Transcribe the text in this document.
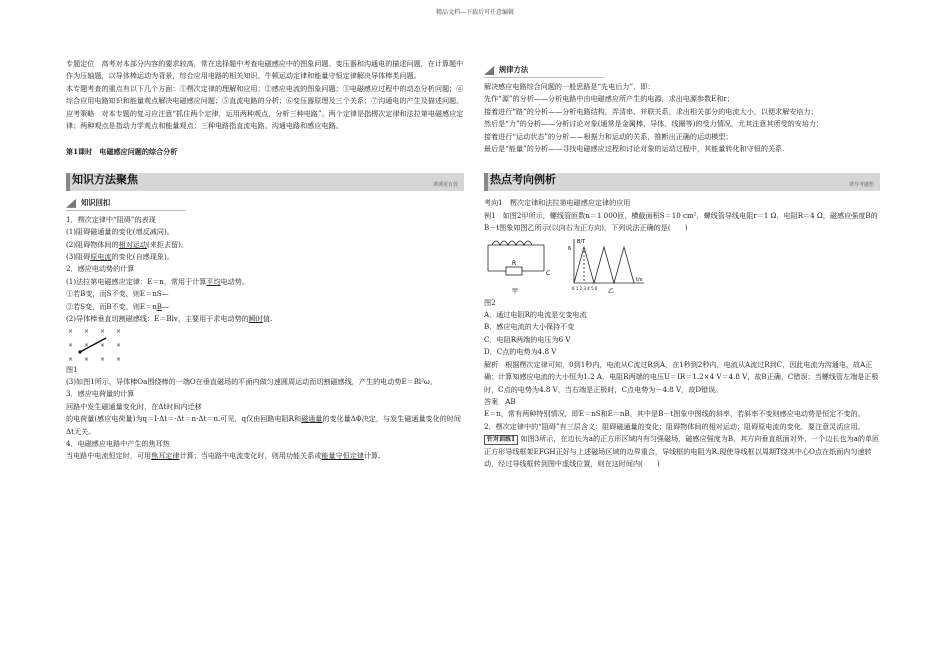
精品文档---下载后可任意编辑

专题定位　高考对本部分内容的要求较高，常在选择题中考查电磁感应中的图象问题、变压器和沟通电的描述问题，在计算题中作为压轴题，以导体棒运动为背景，综合应用电路的相关知识、牛顿运动定律和能量守恒定律解决导体棒类问题。

本专题考查的重点有以下几个方面：①楞次定律的理解和应用；②感应电流的图象问题；③电磁感应过程中的动态分析问题；④综合应用电路知识和能量观点解决电磁感应问题；⑤直流电路的分析；⑥变压器原理及三个关系；⑦沟通电的产生及描述问题。

应考策略　对本专题的复习应注意“抓住两个定律，运用两种观点，分析三种电路”。两个定律是指楞次定律和法拉第电磁感应定律；两种观点是指动力学观点和能量观点；三种电路指直流电路、沟通电路和感应电路。

第1课时　电磁感应问题的综合分析

知识方法聚焦	诱诱更有效
知识回扣

1．楞次定律中“阻碍”的表现

(1)阻碍磁通量的变化(增反减同)。

(2)阻碍物体间的相对运动(来拒去留)。

(3)阻碍原电流的变化(自感现象)。

2．感应电动势的计算

(1)法拉第电磁感应定律：E＝n，常用于计算平均电动势。

①若B变，而S不变，则E＝nS—

②若S变，而B不变，则E＝nB—

(2)导体棒垂直切割磁感线：E＝Blv，主要用于求电动势的瞬时值.

× × × ×
× × × ×
× × × ×

图1

(3)如图1所示，导体棒Oa围绕棒的一端O在垂直磁场的平面内做匀速圆周运动而切割磁感线，产生的电动势E＝Bl²ω。

3．感应电荷量的计算

回路中发生磁通量变化时，在Δt时间内迁移

的电荷量(感应电荷量)为q＝I·Δt＝·Δt＝n·Δt＝n.可见，q仅由回路电阻R和磁通量的变化量ΔΦ决定，与发生磁通量变化的时间Δt无关。

4．电磁感应电路中产生的焦耳热

当电路中电流恒定时，可用焦耳定律计算；当电路中电流变化时，则用功能关系或能量守恒定律计算.

规律方法

解决感应电路综合问题的一般思路是“先电后力”，即：

先作“源”的分析——分析电路中由电磁感应所产生的电源，求出电源参数E和r；

接着进行“路”的分析——分析电路结构，弄清串、并联关系，求出相关部分的电流大小，以便求解安培力；

然后是“力”的分析——分析讨论对象(通常是金属棒、导体、线圈等)的受力情况，尤其注意其所受的安培力；

接着进行“运动状态”的分析——根据力和运动的关系，推断出正确的运动模型；

最后是“能量”的分析——寻找电磁感应过程和讨论对象的运动过程中，其能量转化和守恒的关系.

热点考向例析	诱导考感悟

考向1　楞次定律和法拉第电磁感应定律的应用

例1　如图2甲所示，螺线管匝数n＝1 000匝，横截面积S＝10 cm²，螺线管导线电阻r＝1 Ω，电阻R＝4 Ω，磁感应强度B的B－t图象如图乙所示(以向右为正方向)，下列说法正确的是(　　)

R
C
甲
B/T
6
t/s
0 1 2 3 4 5 6 乙

图2

A．通过电阻R的电流是交变电流

B．感应电流的大小保持不变

C．电阻R两端的电压为6 V

D．C点的电势为4.8 V

解析　根据楞次定律可知，0到1秒内，电流从C流过R到A，在1秒到2秒内，电流从A流过R到C，因此电流为沟通电，故A正确；计算知感应电流的大小恒为1.2 A，电阻R两端的电压U＝IR＝1.2×4 V＝4.8 V，故B正确，C错误；当螺线管左端是正极时，C点的电势为4.8 V，当右端是正极时，C点电势为－4.8 V，故D错误。

答案　AB

E＝n，常有两种特别情况，即E＝nS和E＝nB，其中是B－t图象中图线的斜率，若斜率不变则感应电动势是恒定不变的。

2．楞次定律中的“阻碍”有三层含义：阻碍磁通量的变化；阻碍物体间的相对运动；阻碍原电流的变化．要注意灵活应用。

针对训练1 如图3所示，在边长为a的正方形区域内有匀强磁场，磁感应强度为B，其方向垂直纸面对外，一个边长也为a的单匝正方形导线框架EFGH正好与上述磁场区域的边界重合，导线框的电阻为R.现使导线框以周期T绕其中心O点在纸面内匀速转动，经过导线框转到图中虚线位置，则在这时间内(　　)
